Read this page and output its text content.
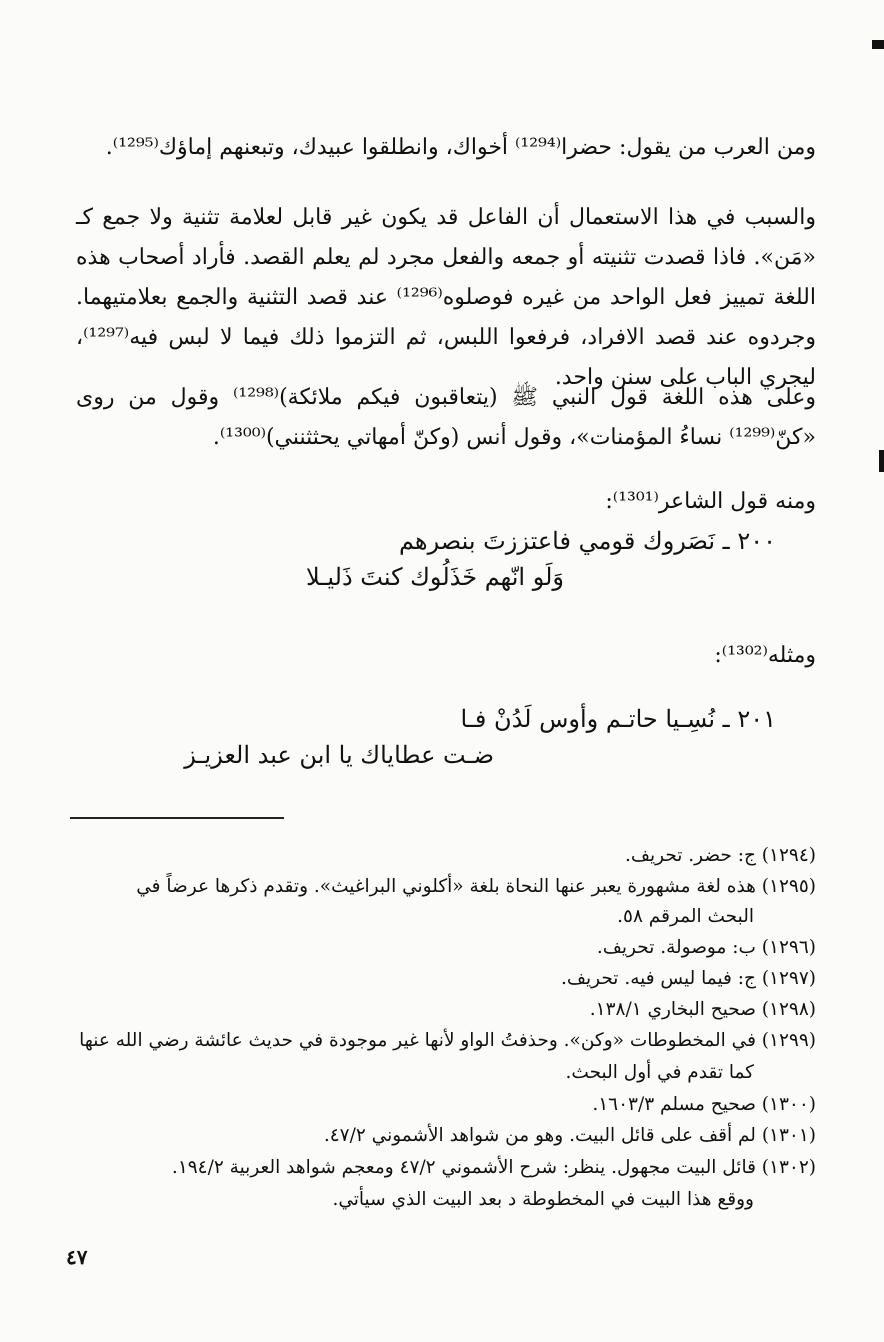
ومن العرب من يقول: حضرا⁽¹²⁹⁴⁾ أخواك، وانطلقوا عبيدك، وتبعنهم إماؤك⁽¹²⁹⁵⁾.
والسبب في هذا الاستعمال أن الفاعل قد يكون غير قابل لعلامة تثنية ولا جمع كـ «مَن». فاذا قصدت تثنيته أو جمعه والفعل مجرد لم يعلم القصد. فأراد أصحاب هذه اللغة تمييز فعل الواحد من غيره فوصلوه⁽¹²⁹⁶⁾ عند قصد التثنية والجمع بعلامتيهما. وجردوه عند قصد الافراد، فرفعوا اللبس، ثم التزموا ذلك فيما لا لبس فيه⁽¹²⁹⁷⁾، ليجري الباب على سنن واحد.
وعلى هذه اللغة قول النبي ﷺ (يتعاقبون فيكم ملائكة)⁽¹²⁹⁸⁾ وقول من روى «كنّ⁽¹²⁹⁹⁾ نساءُ المؤمنات»، وقول أنس (وكنّ أمهاتي يحثثنني)⁽¹³⁰⁰⁾.
ومنه قول الشاعر⁽¹³⁰¹⁾:
٢٠٠ ـ نَصَروك قومي فاعتززتَ بنصرهم
وَلَو انّهم خَذَلُوك كنتَ ذَليـلا
ومثله⁽¹³⁰²⁾:
٢٠١ ـ نُسِـيا حاتـم وأوس لَدُنْ فـا
ضـت عطاياك يا ابن عبد العزيـز
(١٢٩٤) ج: حضر. تحريف.
(١٢٩٥) هذه لغة مشهورة يعبر عنها النحاة بلغة «أكلوني البراغيث». وتقدم ذكرها عرضاً في
البحث المرقم ٥٨.
(١٢٩٦) ب: موصولة. تحريف.
(١٢٩٧) ج: فيما ليس فيه. تحريف.
(١٢٩٨) صحيح البخاري ١٣٨/١.
(١٢٩٩) في المخطوطات «وكن». وحذفتُ الواو لأنها غير موجودة في حديث عائشة رضي الله عنها
كما تقدم في أول البحث.
(١٣٠٠) صحيح مسلم ١٦٠٣/٣.
(١٣٠١) لم أقف على قائل البيت. وهو من شواهد الأشموني ٤٧/٢.
(١٣٠٢) قائل البيت مجهول. ينظر: شرح الأشموني ٤٧/٢ ومعجم شواهد العربية ١٩٤/٢.
ووقع هذا البيت في المخطوطة د بعد البيت الذي سيأتي.
٤٧
